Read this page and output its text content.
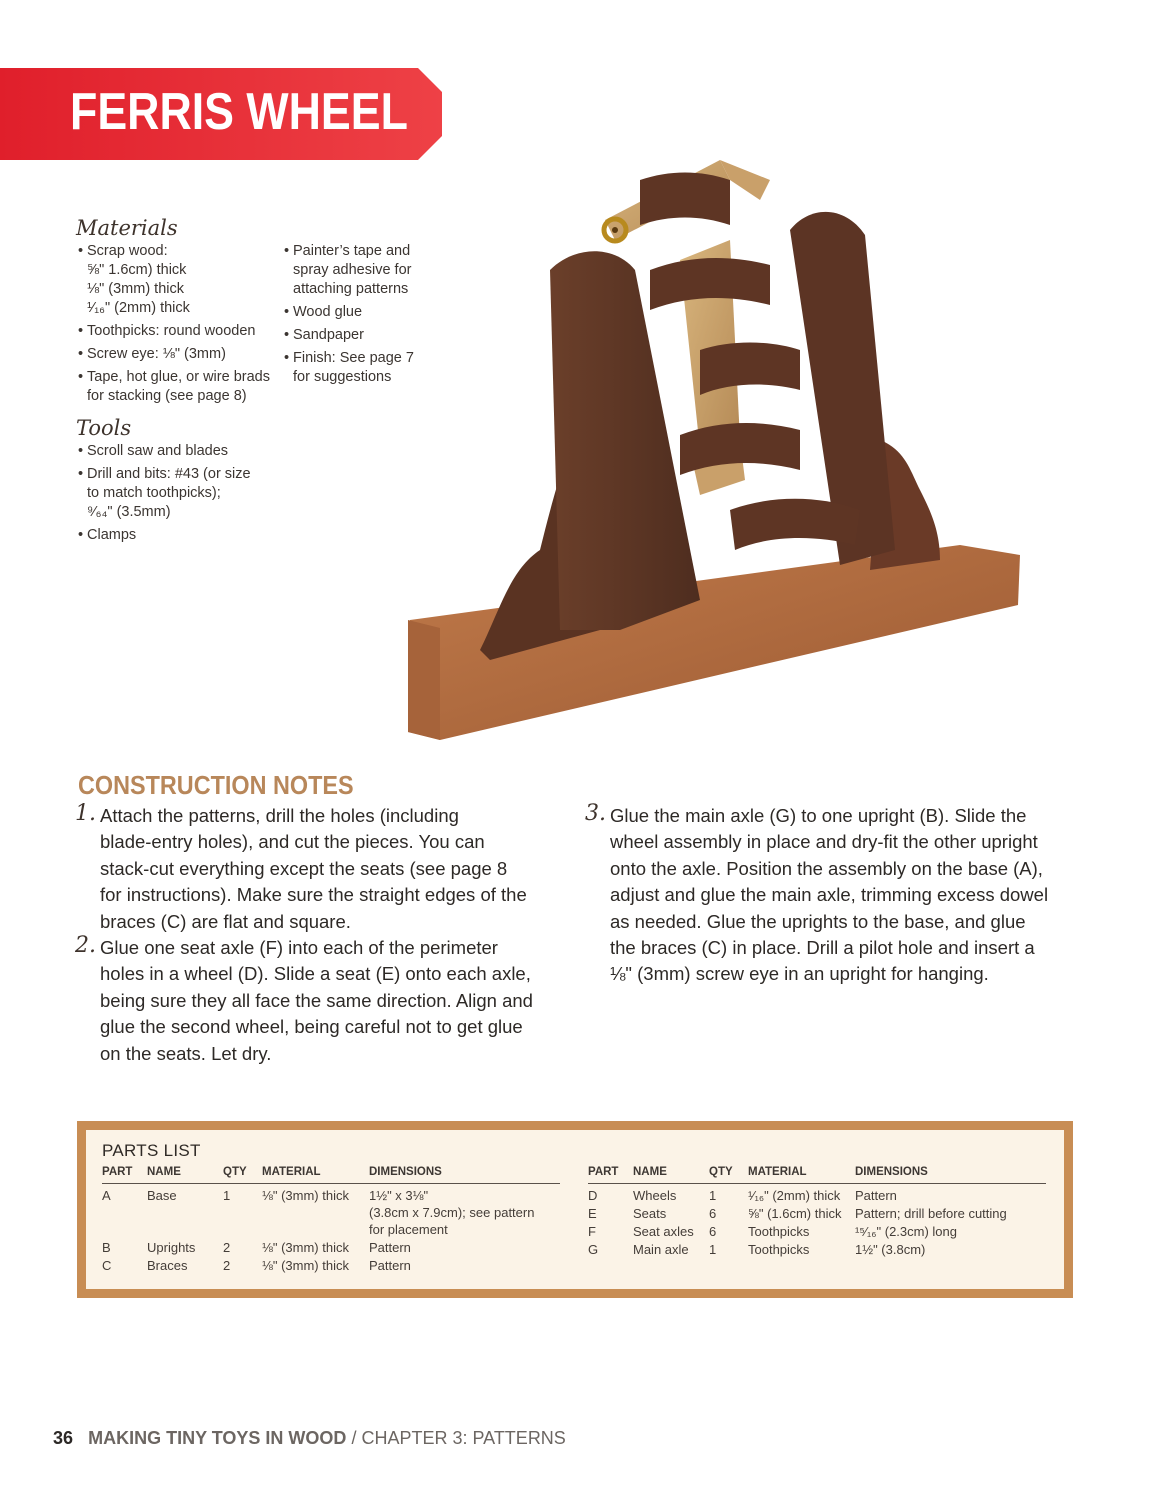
FERRIS WHEEL
Materials
• Scrap wood:
⅝" 1.6cm) thick
⅛" (3mm) thick
¹⁄₁₆" (2mm) thick
• Toothpicks: round wooden
• Screw eye: ⅛" (3mm)
• Tape, hot glue, or wire brads
for stacking (see page 8)
• Painter’s tape and
spray adhesive for
attaching patterns
• Wood glue
• Sandpaper
• Finish: See page 7
for suggestions
Tools
• Scroll saw and blades
• Drill and bits: #43 (or size
to match toothpicks);
⁹⁄₆₄" (3.5mm)
• Clamps
CONSTRUCTION NOTES
1. Attach the patterns, drill the holes (including
blade-entry holes), and cut the pieces. You can
stack-cut everything except the seats (see page 8
for instructions). Make sure the straight edges of the
braces (C) are flat and square.

2. Glue one seat axle (F) into each of the perimeter
holes in a wheel (D). Slide a seat (E) onto each axle,
being sure they all face the same direction. Align and
glue the second wheel, being careful not to get glue
on the seats. Let dry.

3. Glue the main axle (G) to one upright (B). Slide the
wheel assembly in place and dry-fit the other upright
onto the axle. Position the assembly on the base (A),
adjust and glue the main axle, trimming excess dowel
as needed. Glue the uprights to the base, and glue
the braces (C) in place. Drill a pilot hole and insert a
⅛" (3mm) screw eye in an upright for hanging.

PARTS LIST
PART NAME	QTY MATERIAL	DIMENSIONS
A	Base	1 ⅛" (3mm) thick 1½" x 3⅛"
(3.8cm x 7.9cm); see pattern
for placement
B	Uprights 2 ⅛" (3mm) thick Pattern
C	Braces	2 ⅛" (3mm) thick Pattern
PART NAME	QTY MATERIAL	DIMENSIONS
D	Wheels	1 ¹⁄₁₆" (2mm) thick Pattern
E	Seats	6 ⅝" (1.6cm) thick Pattern; drill before cutting
F	Seat axles 6 Toothpicks	¹⁵⁄₁₆" (2.3cm) long
G	Main axle 1 Toothpicks	1½" (3.8cm)
36 MAKING TINY TOYS IN WOOD / CHAPTER 3: PATTERNS
